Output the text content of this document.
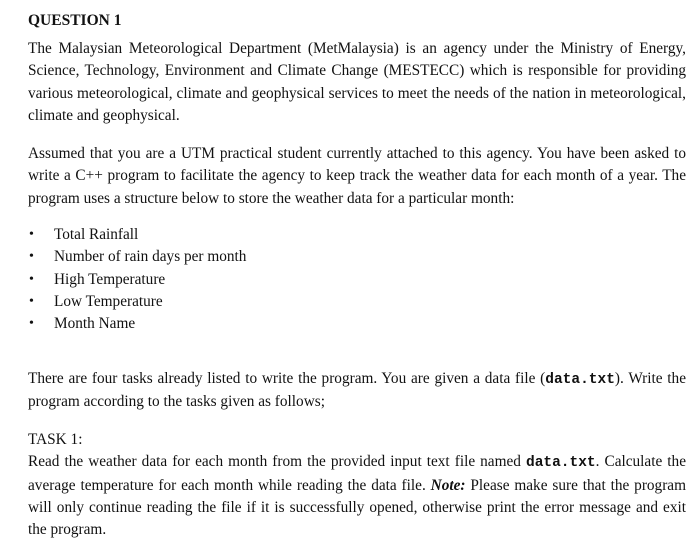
QUESTION 1

The Malaysian Meteorological Department (MetMalaysia) is an agency under the Ministry of Energy, Science, Technology, Environment and Climate Change (MESTECC) which is responsible for providing various meteorological, climate and geophysical services to meet the needs of the nation in meteorological, climate and geophysical.

Assumed that you are a UTM practical student currently attached to this agency. You have been asked to write a C++ program to facilitate the agency to keep track the weather data for each month of a year. The program uses a structure below to store the weather data for a particular month:

• Total Rainfall
• Number of rain days per month
• High Temperature
• Low Temperature
• Month Name

There are four tasks already listed to write the program. You are given a data file (data.txt). Write the program according to the tasks given as follows;

TASK 1:

Read the weather data for each month from the provided input text file named data.txt. Calculate the average temperature for each month while reading the data file. Note: Please make sure that the program will only continue reading the file if it is successfully opened, otherwise print the error message and exit the program.
